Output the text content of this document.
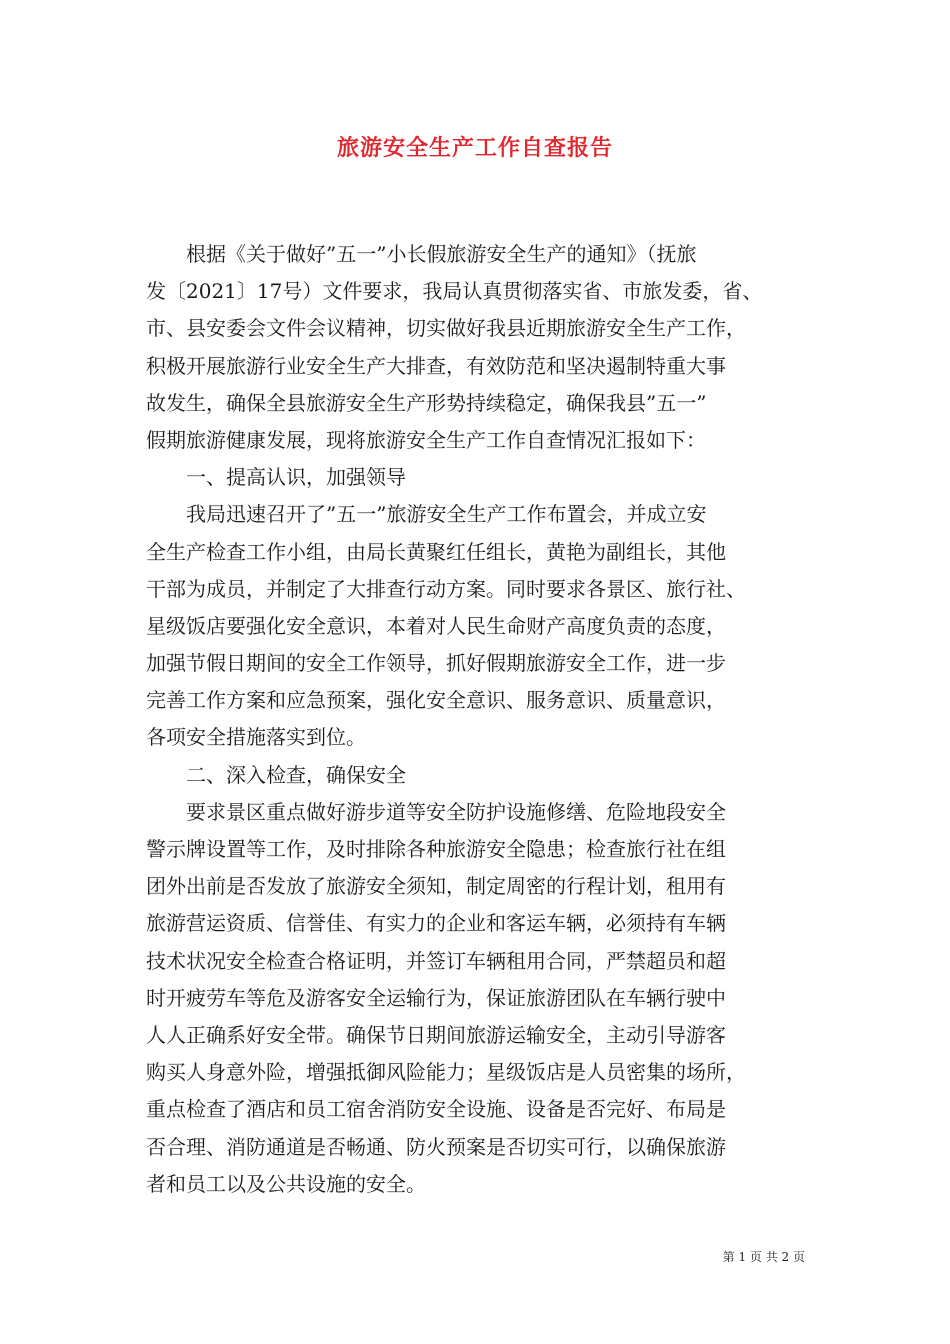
旅游安全生产工作自查报告
根据《关于做好”五一”小长假旅游安全生产的通知》（抚旅
发〔2021〕17号）文件要求，我局认真贯彻落实省、市旅发委，省、
市、县安委会文件会议精神，切实做好我县近期旅游安全生产工作，
积极开展旅游行业安全生产大排查，有效防范和坚决遏制特重大事
故发生，确保全县旅游安全生产形势持续稳定，确保我县”五一”
假期旅游健康发展，现将旅游安全生产工作自查情况汇报如下：
一、提高认识，加强领导
我局迅速召开了”五一”旅游安全生产工作布置会，并成立安
全生产检查工作小组，由局长黄聚红任组长，黄艳为副组长，其他
干部为成员，并制定了大排查行动方案。同时要求各景区、旅行社、
星级饭店要强化安全意识，本着对人民生命财产高度负责的态度，
加强节假日期间的安全工作领导，抓好假期旅游安全工作，进一步
完善工作方案和应急预案，强化安全意识、服务意识、质量意识，
各项安全措施落实到位。
二、深入检查，确保安全
要求景区重点做好游步道等安全防护设施修缮、危险地段安全
警示牌设置等工作，及时排除各种旅游安全隐患；检查旅行社在组
团外出前是否发放了旅游安全须知，制定周密的行程计划，租用有
旅游营运资质、信誉佳、有实力的企业和客运车辆，必须持有车辆
技术状况安全检查合格证明，并签订车辆租用合同，严禁超员和超
时开疲劳车等危及游客安全运输行为，保证旅游团队在车辆行驶中
人人正确系好安全带。确保节日期间旅游运输安全，主动引导游客
购买人身意外险，增强抵御风险能力；星级饭店是人员密集的场所，
重点检查了酒店和员工宿舍消防安全设施、设备是否完好、布局是
否合理、消防通道是否畅通、防火预案是否切实可行，以确保旅游
者和员工以及公共设施的安全。
第 1 页 共 2 页
